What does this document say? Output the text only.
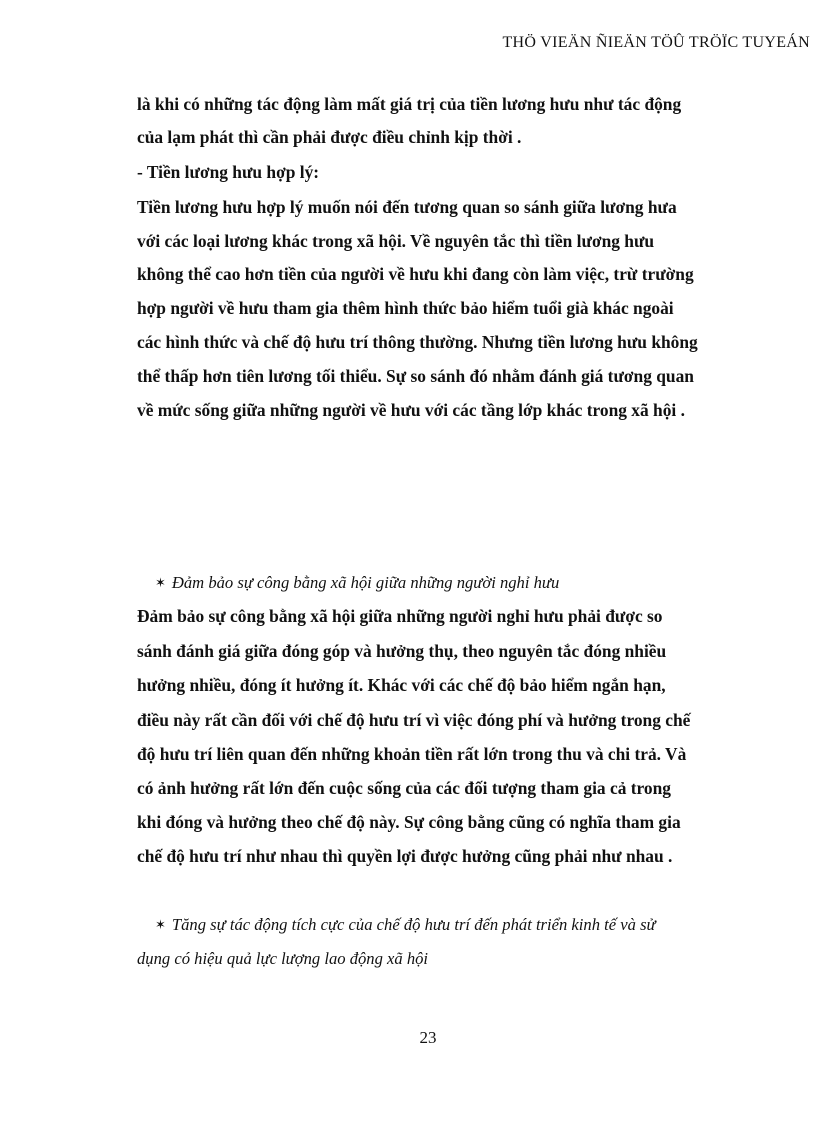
THÖ VIEÄN ÑIEÄN TÖÛ TRÖÏC TUYEÁN
là khi có những tác động làm mất giá trị của tiền lương hưu như tác động
của lạm phát thì cần phải được điều chỉnh kịp thời .
- Tiền lương hưu hợp lý:
Tiền lương hưu hợp lý muốn nói đến tương quan so sánh giữa lương hưa
với các loại lương khác trong xã hội. Về nguyên tắc thì tiền lương hưu
không thể cao hơn tiền của người về hưu khi đang còn làm việc, trừ trường
hợp người về hưu tham gia thêm hình thức bảo hiểm tuổi già khác ngoài
các hình thức và chế độ hưu trí thông thường. Nhưng tiền lương hưu không
thể thấp hơn tiên lương tối thiểu. Sự so sánh đó nhằm đánh giá tương quan
về mức sống giữa những người về hưu với các tầng lớp khác trong xã hội .
✶ Đảm bảo sự công bằng xã hội giữa những người nghỉ hưu
Đảm bảo sự công bằng xã hội giữa những người nghỉ hưu phải được so
sánh đánh giá giữa đóng góp và hưởng thụ, theo nguyên tắc đóng nhiều
hưởng nhiều, đóng ít hưởng ít. Khác với các chế độ bảo hiểm ngắn hạn,
điều này rất cần đối với chế độ hưu trí vì việc đóng phí và hưởng trong chế
độ hưu trí liên quan đến những khoản tiền rất lớn trong thu và chi trả. Và
có ảnh hưởng rất lớn đến cuộc sống của các đối tượng tham gia cả trong
khi đóng và hưởng theo chế độ này. Sự công bằng cũng có nghĩa tham gia
chế độ hưu trí như nhau thì quyền lợi được hưởng cũng phải như nhau .
✶ Tăng sự tác động tích cực của chế độ hưu trí đến phát triển kinh tế và sử
dụng có hiệu quả lực lượng lao động xã hội
23
